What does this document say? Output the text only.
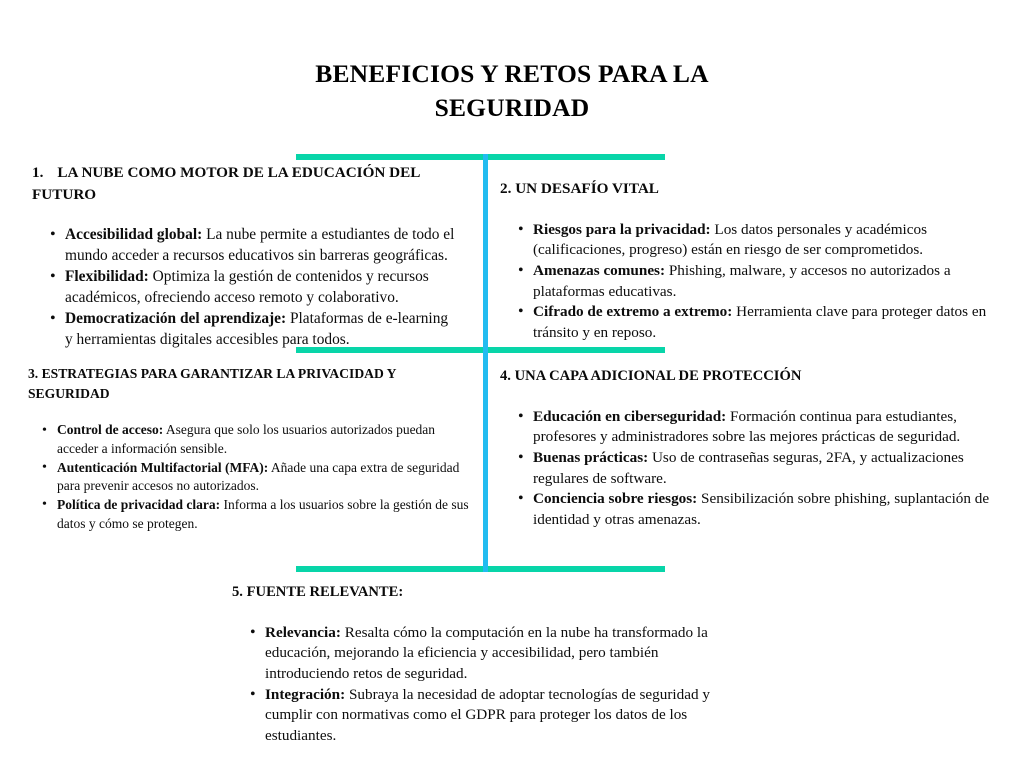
BENEFICIOS Y RETOS PARA LA
SEGURIDAD

1. LA NUBE COMO MOTOR DE LA EDUCACIÓN DEL FUTURO

• Accesibilidad global: La nube permite a estudiantes de todo el mundo acceder a recursos educativos sin barreras geográficas.
• Flexibilidad: Optimiza la gestión de contenidos y recursos académicos, ofreciendo acceso remoto y colaborativo.
• Democratización del aprendizaje: Plataformas de e-learning y herramientas digitales accesibles para todos.

2. UN DESAFÍO VITAL

• Riesgos para la privacidad: Los datos personales y académicos (calificaciones, progreso) están en riesgo de ser comprometidos.
• Amenazas comunes: Phishing, malware, y accesos no autorizados a plataformas educativas.
• Cifrado de extremo a extremo: Herramienta clave para proteger datos en tránsito y en reposo.

3. ESTRATEGIAS PARA GARANTIZAR LA PRIVACIDAD Y SEGURIDAD

• Control de acceso: Asegura que solo los usuarios autorizados puedan acceder a información sensible.
• Autenticación Multifactorial (MFA): Añade una capa extra de seguridad para prevenir accesos no autorizados.
• Política de privacidad clara: Informa a los usuarios sobre la gestión de sus datos y cómo se protegen.

4. UNA CAPA ADICIONAL DE PROTECCIÓN

• Educación en ciberseguridad: Formación continua para estudiantes, profesores y administradores sobre las mejores prácticas de seguridad.
• Buenas prácticas: Uso de contraseñas seguras, 2FA, y actualizaciones regulares de software.
• Conciencia sobre riesgos: Sensibilización sobre phishing, suplantación de identidad y otras amenazas.

5. FUENTE RELEVANTE:

• Relevancia: Resalta cómo la computación en la nube ha transformado la educación, mejorando la eficiencia y accesibilidad, pero también introduciendo retos de seguridad.
• Integración: Subraya la necesidad de adoptar tecnologías de seguridad y cumplir con normativas como el GDPR para proteger los datos de los estudiantes.
